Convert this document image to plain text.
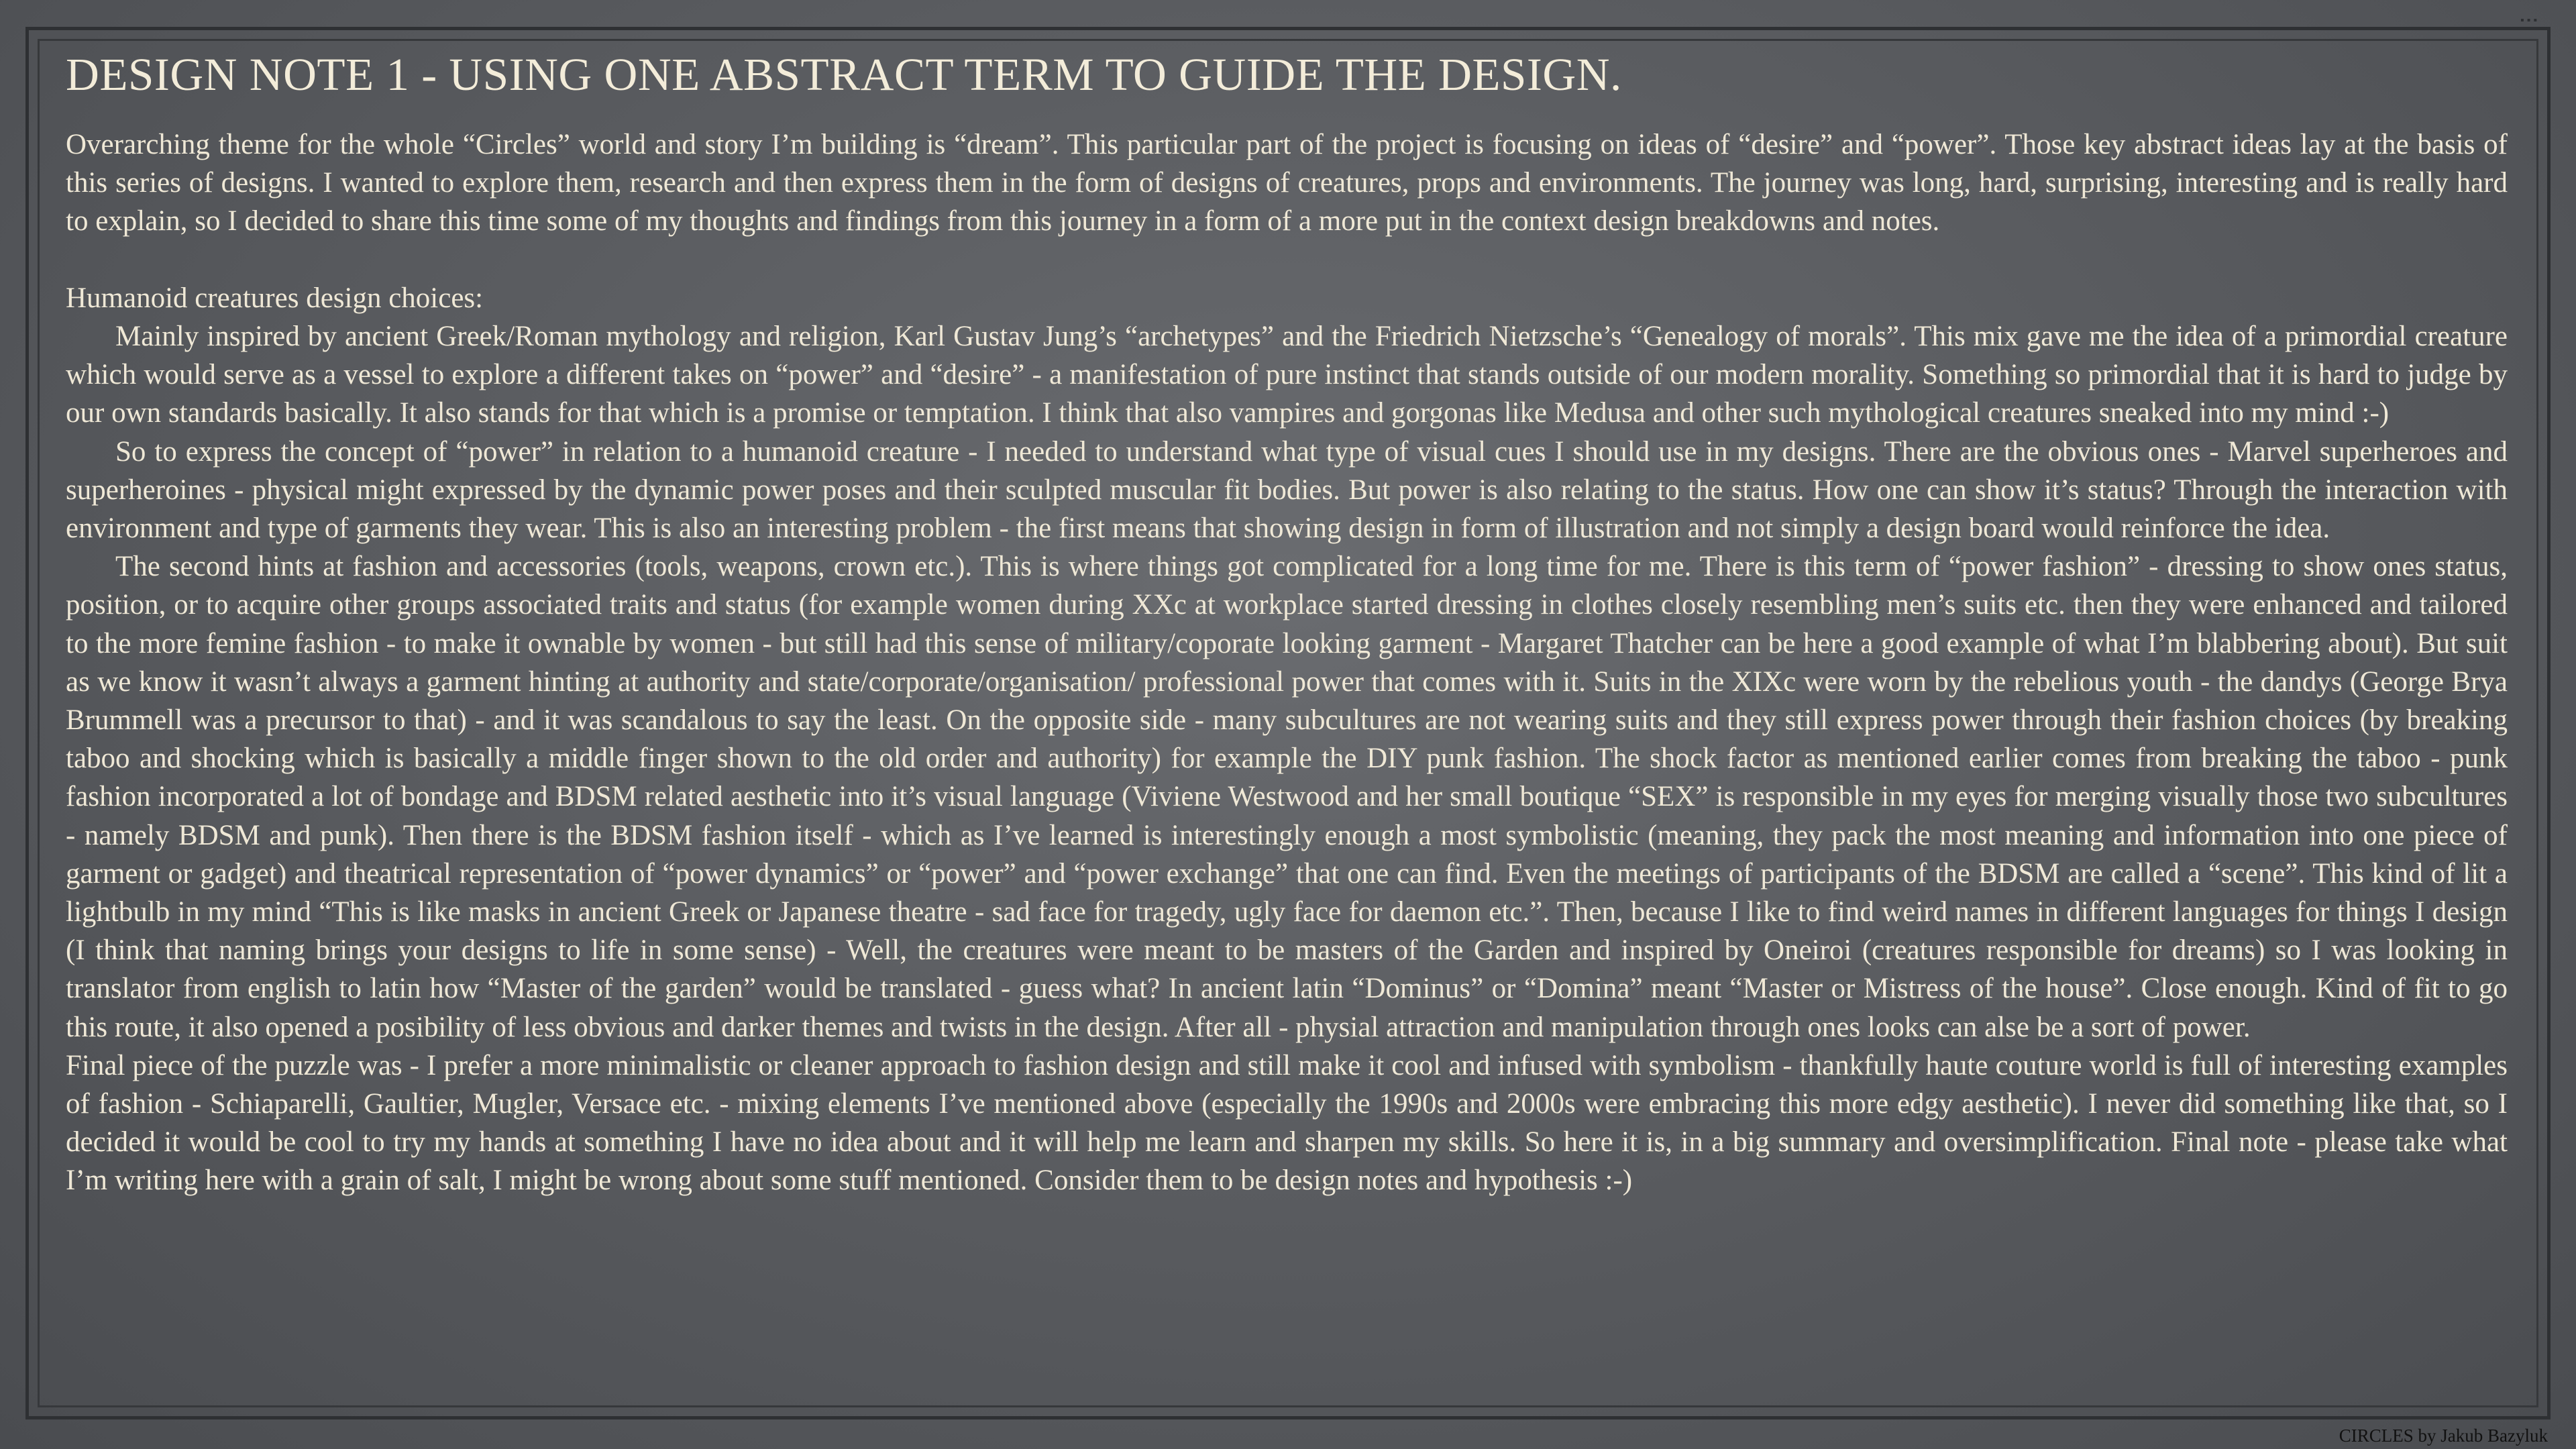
▪ ▪ ▪
DESIGN NOTE 1 - USING ONE ABSTRACT TERM TO GUIDE THE DESIGN.

Overarching theme for the whole “Circles” world and story I’m building is “dream”. This particular part of the project is focusing on ideas of “desire” and “power”. Those key abstract ideas lay at the basis of this series of designs. I wanted to explore them, research and then express them in the form of designs of creatures, props and environments. The journey was long, hard, surprising, interesting and is really hard to explain, so I decided to share this time some of my thoughts and findings from this journey in a form of a more put in the context design breakdowns and notes.

Humanoid creatures design choices:

Mainly inspired by ancient Greek/Roman mythology and religion, Karl Gustav Jung’s “archetypes” and the Friedrich Nietzsche’s “Genealogy of morals”. This mix gave me the idea of a primordial creature which would serve as a vessel to explore a different takes on “power” and “desire” - a manifestation of pure instinct that stands outside of our modern morality. Something so primordial that it is hard to judge by our own standards basically. It also stands for that which is a promise or temptation. I think that also vampires and gorgonas like Medusa and other such mythological creatures sneaked into my mind :-)

So to express the concept of “power” in relation to a humanoid creature - I needed to understand what type of visual cues I should use in my designs. There are the obvious ones - Marvel superheroes and superheroines - physical might expressed by the dynamic power poses and their sculpted muscular fit bodies. But power is also relating to the status. How one can show it’s status? Through the interaction with environment and type of garments they wear. This is also an interesting problem - the first means that showing design in form of illustration and not simply a design board would reinforce the idea.

The second hints at fashion and accessories (tools, weapons, crown etc.). This is where things got complicated for a long time for me. There is this term of “power fashion” - dressing to show ones status, position, or to acquire other groups associated traits and status (for example women during XXc at workplace started dressing in clothes closely resembling men’s suits etc. then they were enhanced and tailored to the more femine fashion - to make it ownable by women - but still had this sense of military/coporate looking garment - Margaret Thatcher can be here a good example of what I’m blabbering about). But suit as we know it wasn’t always a garment hinting at authority and state/corporate/organisation/ professional power that comes with it. Suits in the XIXc were worn by the rebelious youth - the dandys (George Brya Brummell was a precursor to that) - and it was scandalous to say the least. On the opposite side - many subcultures are not wearing suits and they still express power through their fashion choices (by breaking taboo and shocking which is basically a middle finger shown to the old order and authority) for example the DIY punk fashion. The shock factor as mentioned earlier comes from breaking the taboo - punk fashion incorporated a lot of bondage and BDSM related aesthetic into it’s visual language (Viviene Westwood and her small boutique “SEX” is responsible in my eyes for merging visually those two subcultures - namely BDSM and punk). Then there is the BDSM fashion itself - which as I’ve learned is interestingly enough a most symbolistic (meaning, they pack the most meaning and information into one piece of garment or gadget) and theatrical representation of “power dynamics” or “power” and “power exchange” that one can find. Even the meetings of participants of the BDSM are called a “scene”. This kind of lit a lightbulb in my mind “This is like masks in ancient Greek or Japanese theatre - sad face for tragedy, ugly face for daemon etc.”. Then, because I like to find weird names in different languages for things I design (I think that naming brings your designs to life in some sense) - Well, the creatures were meant to be masters of the Garden and inspired by Oneiroi (creatures responsible for dreams) so I was looking in translator from english to latin how “Master of the garden” would be translated - guess what? In ancient latin “Dominus” or “Domina” meant “Master or Mistress of the house”. Close enough. Kind of fit to go this route, it also opened a posibility of less obvious and darker themes and twists in the design. After all - physial attraction and manipulation through ones looks can alse be a sort of power.

Final piece of the puzzle was - I prefer a more minimalistic or cleaner approach to fashion design and still make it cool and infused with symbolism - thankfully haute couture world is full of interesting examples of fashion - Schiaparelli, Gaultier, Mugler, Versace etc. - mixing elements I’ve mentioned above (especially the 1990s and 2000s were embracing this more edgy aesthetic). I never did something like that, so I decided it would be cool to try my hands at something I have no idea about and it will help me learn and sharpen my skills. So here it is, in a big summary and oversimplification. Final note - please take what I’m writing here with a grain of salt, I might be wrong about some stuff mentioned. Consider them to be design notes and hypothesis :-)

CIRCLES by Jakub Bazyluk
